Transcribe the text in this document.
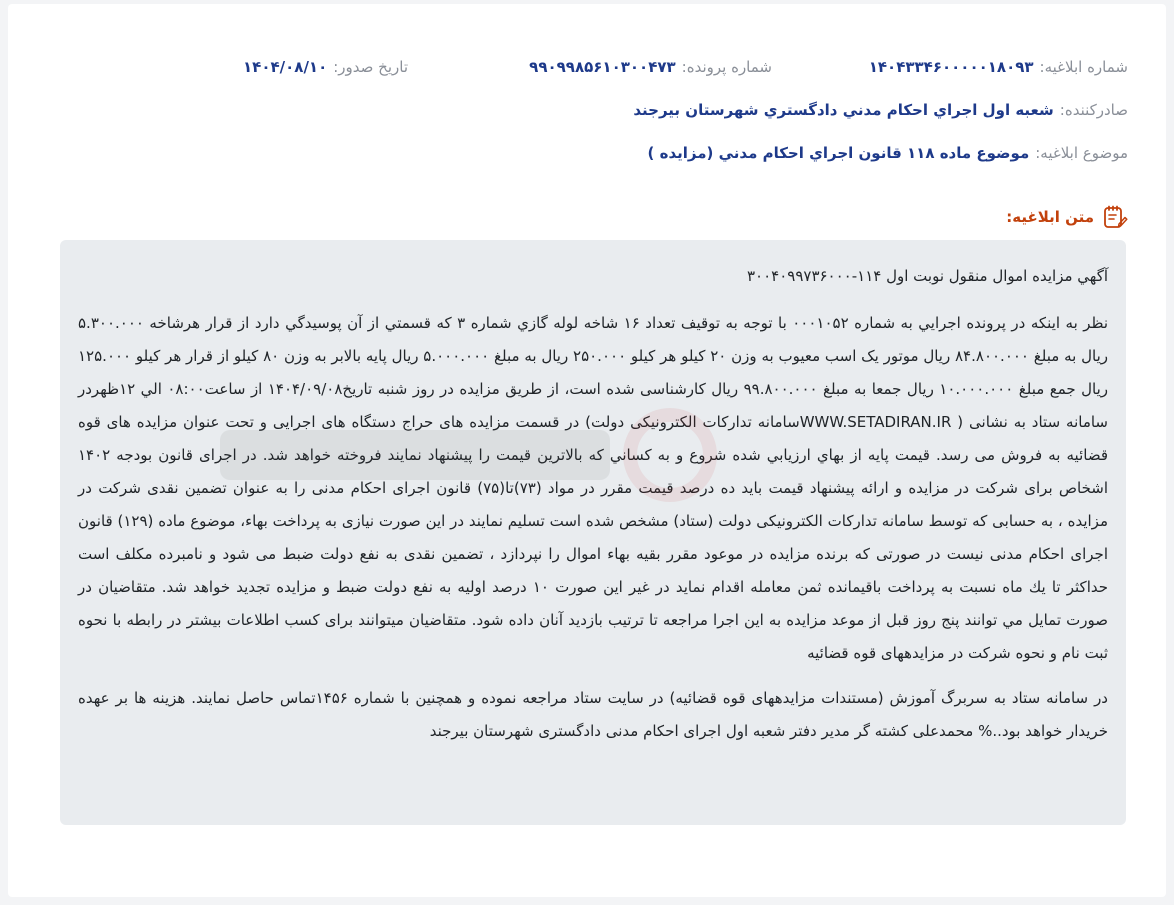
شماره ابلاغيه:
۱۴۰۴۳۳۴۶۰۰۰۰۰۱۸۰۹۳
شماره پرونده:
۹۹۰۹۹۸۵۶۱۰۳۰۰۴۷۳
تاريخ صدور:
۱۴۰۴/۰۸/۱۰
صادرکننده:
شعبه اول اجراي احكام مدني دادگستري شهرستان بيرجند
موضوع ابلاغيه:
موضوع ماده ۱۱۸ قانون اجراي احکام مدني (مزايده )
متن ابلاغيه:

آگهي مزايده اموال منقول نوبت اول ۱۱۴-۳۰۰۴۰۹۹۷۳۶۰۰۰

نظر به اينکه در پرونده اجرايي به شماره ۰۰۰۱۰۵۲ با توجه به توقيف تعداد ۱۶ شاخه لوله گازي شماره ۳ که قسمتي از آن پوسيدگي دارد از قرار هرشاخه ۵.۳۰۰.۰۰۰ ريال به مبلغ ۸۴.۸۰۰.۰۰۰ ريال موتور يک اسب معيوب به وزن ۲۰ کيلو هر کيلو ۲۵۰.۰۰۰ ريال به مبلغ ۵.۰۰۰.۰۰۰ ريال پايه بالابر به وزن ۸۰ کيلو از قرار هر کيلو ۱۲۵.۰۰۰ ريال جمع مبلغ ۱۰.۰۰۰.۰۰۰ ريال جمعا به مبلغ ۹۹.۸۰۰.۰۰۰ ريال کارشناسی شده است، از طريق مزايده در روز شنبه تاريخ۱۴۰۴/۰۹/۰۸ از ساعت۰۸:۰۰ الي ۱۲ظهردر سامانه ستاد به نشانی ( WWW.SETADIRAN.IRسامانه تدارکات الکترونيکی دولت) در قسمت مزايده های حراج دستگاه های اجرايی و تحت عنوان مزايده های قوه قضائيه به فروش می رسد. قيمت پايه از بهاي ارزيابي شده شروع و به کساني که بالاترين قيمت را پيشنهاد نمايند فروخته خواهد شد. در اجرای قانون بودجه ۱۴۰۲ اشخاص برای شرکت در مزايده و ارائه پيشنهاد قيمت بايد ده درصد قيمت مقرر در مواد (۷۳)تا(۷۵) قانون اجرای احکام مدنی را به عنوان تضمين نقدی شرکت در مزايده ، به حسابی که توسط سامانه تدارکات الکترونيکی دولت (ستاد) مشخص شده است تسليم نمايند در اين صورت نيازی به پرداخت بهاء، موضوع ماده (۱۲۹) قانون اجرای احکام مدنی نيست در صورتی که برنده مزايده در موعود مقرر بقيه بهاء اموال را نپردازد ، تضمين نقدی به نفع دولت ضبط می شود و نامبرده مکلف است حداکثر تا يك ماه نسبت به پرداخت باقيمانده ثمن معامله اقدام نمايد در غير اين صورت ۱۰ درصد اوليه به نفع دولت ضبط و مزايده تجديد خواهد شد. متقاضيان در صورت تمايل مي توانند پنج روز قبل از موعد مزايده به اين اجرا مراجعه تا ترتيب بازديد آنان داده شود. متقاضيان ميتوانند برای کسب اطلاعات بيشتر در رابطه با نحوه ثبت نام و نحوه شرکت در مزايدههای قوه قضائيه

در سامانه ستاد به سربرگ آموزش (مستندات مزايدههای قوه قضائيه) در سايت ستاد مراجعه نموده و همچنين با شماره ۱۴۵۶تماس حاصل نمايند. هزينه ها بر عهده خريدار خواهد بود..% محمدعلی کشته گر مدير دفتر شعبه اول اجرای احکام مدنی دادگستری شهرستان بيرجند
